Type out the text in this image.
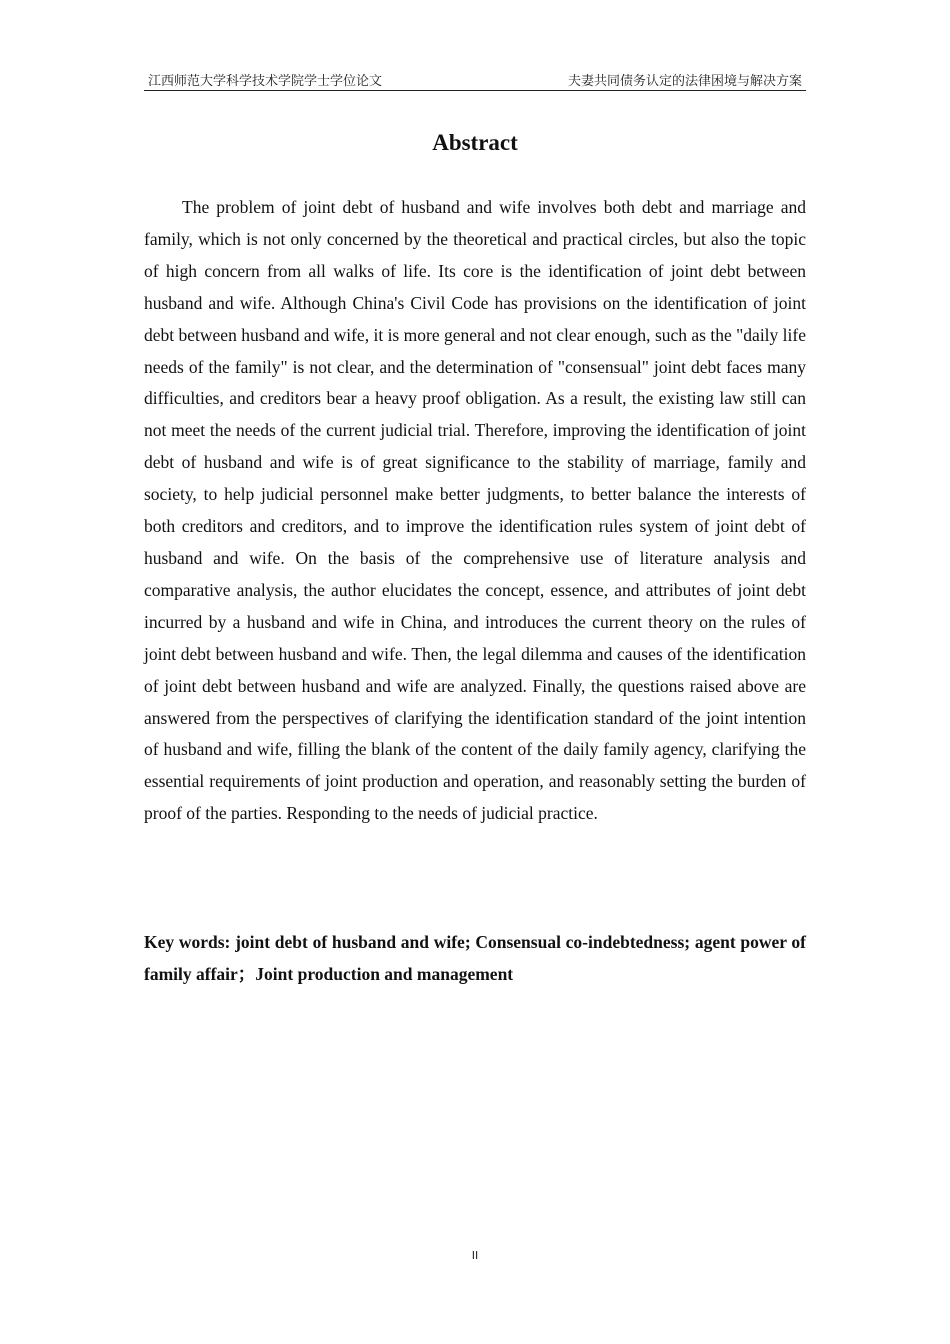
江西师范大学科学技术学院学士学位论文	夫妻共同债务认定的法律困境与解决方案
Abstract

The problem of joint debt of husband and wife involves both debt and marriage and family, which is not only concerned by the theoretical and practical circles, but also the topic of high concern from all walks of life. Its core is the identification of joint debt between husband and wife. Although China's Civil Code has provisions on the identification of joint debt between husband and wife, it is more general and not clear enough, such as the "daily life needs of the family" is not clear, and the determination of "consensual" joint debt faces many difficulties, and creditors bear a heavy proof obligation. As a result, the existing law still can not meet the needs of the current judicial trial. Therefore, improving the identification of joint debt of husband and wife is of great significance to the stability of marriage, family and society, to help judicial personnel make better judgments, to better balance the interests of both creditors and creditors, and to improve the identification rules system of joint debt of husband and wife. On the basis of the comprehensive use of literature analysis and comparative analysis, the author elucidates the concept, essence, and attributes of joint debt incurred by a husband and wife in China, and introduces the current theory on the rules of joint debt between husband and wife. Then, the legal dilemma and causes of the identification of joint debt between husband and wife are analyzed. Finally, the questions raised above are answered from the perspectives of clarifying the identification standard of the joint intention of husband and wife, filling the blank of the content of the daily family agency, clarifying the essential requirements of joint production and operation, and reasonably setting the burden of proof of the parties. Responding to the needs of judicial practice.

Key words: joint debt of husband and wife; Consensual co-indebtedness; agent power of family affair；Joint production and management

II
